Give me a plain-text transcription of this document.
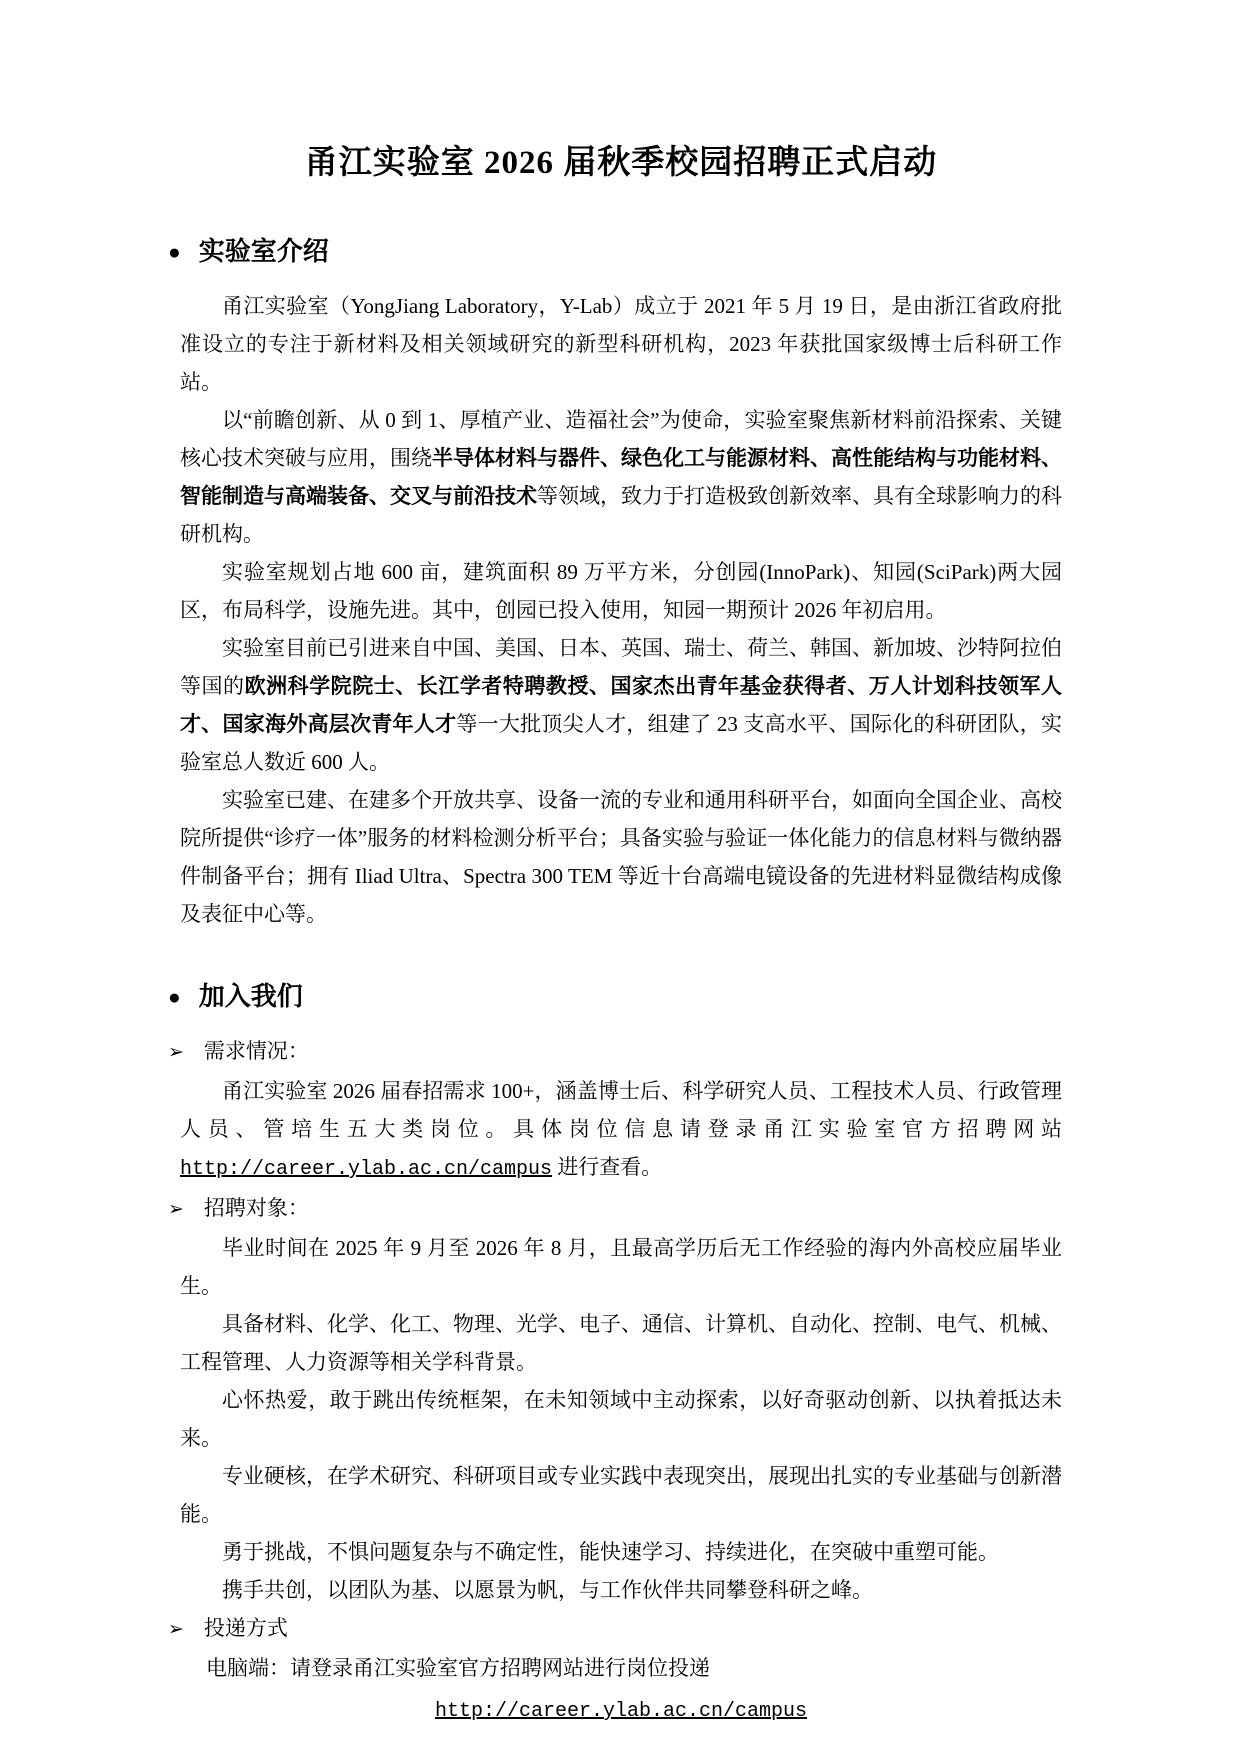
甬江实验室 2026 届秋季校园招聘正式启动
● 实验室介绍

甬江实验室（YongJiang Laboratory，Y-Lab）成立于 2021 年 5 月 19 日，是由浙江省政府批准设立的专注于新材料及相关领域研究的新型科研机构，2023 年获批国家级博士后科研工作站。

以“前瞻创新、从 0 到 1、厚植产业、造福社会”为使命，实验室聚焦新材料前沿探索、关键核心技术突破与应用，围绕半导体材料与器件、绿色化工与能源材料、高性能结构与功能材料、智能制造与高端装备、交叉与前沿技术等领域，致力于打造极致创新效率、具有全球影响力的科研机构。

实验室规划占地 600 亩，建筑面积 89 万平方米，分创园(InnoPark)、知园(SciPark)两大园区，布局科学，设施先进。其中，创园已投入使用，知园一期预计 2026 年初启用。

实验室目前已引进来自中国、美国、日本、英国、瑞士、荷兰、韩国、新加坡、沙特阿拉伯等国的欧洲科学院院士、长江学者特聘教授、国家杰出青年基金获得者、万人计划科技领军人才、国家海外高层次青年人才等一大批顶尖人才，组建了 23 支高水平、国际化的科研团队，实验室总人数近 600 人。

实验室已建、在建多个开放共享、设备一流的专业和通用科研平台，如面向全国企业、高校院所提供“诊疗一体”服务的材料检测分析平台；具备实验与验证一体化能力的信息材料与微纳器件制备平台；拥有 Iliad Ultra、Spectra 300 TEM 等近十台高端电镜设备的先进材料显微结构成像及表征中心等。

● 加入我们
➢ 需求情况：

甬江实验室 2026 届春招需求 100+，涵盖博士后、科学研究人员、工程技术人员、行政管理人员、管培生五大类岗位。具体岗位信息请登录甬江实验室官方招聘网站 http://career.ylab.ac.cn/campus 进行查看。

➢ 招聘对象：

毕业时间在 2025 年 9 月至 2026 年 8 月，且最高学历后无工作经验的海内外高校应届毕业生。

具备材料、化学、化工、物理、光学、电子、通信、计算机、自动化、控制、电气、机械、工程管理、人力资源等相关学科背景。

心怀热爱，敢于跳出传统框架，在未知领域中主动探索，以好奇驱动创新、以执着抵达未来。

专业硬核，在学术研究、科研项目或专业实践中表现突出，展现出扎实的专业基础与创新潜能。

勇于挑战，不惧问题复杂与不确定性，能快速学习、持续进化，在突破中重塑可能。

携手共创，以团队为基、以愿景为帆，与工作伙伴共同攀登科研之峰。

➢ 投递方式

电脑端：请登录甬江实验室官方招聘网站进行岗位投递

http://career.ylab.ac.cn/campus
